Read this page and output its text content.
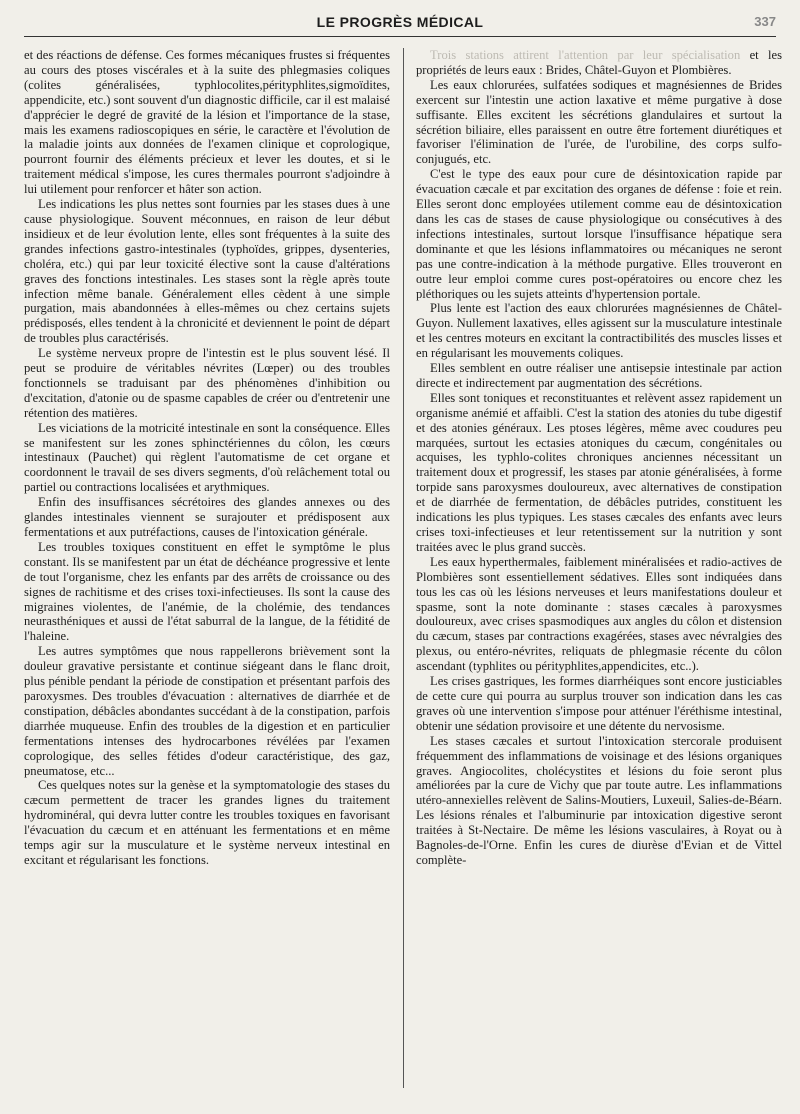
LE PROGRÈS MÉDICAL	337

et des réactions de défense. Ces formes mécaniques frustes si fréquentes au cours des ptoses viscérales et à la suite des phlegmasies coliques (colites généralisées, typhlocolites,pérityphlites,sigmoïdites, appendicite, etc.) sont souvent d'un diagnostic difficile, car il est malaisé d'apprécier le degré de gravité de la lésion et l'importance de la stase, mais les examens radioscopiques en série, le caractère et l'évolution de la maladie joints aux données de l'examen clinique et coprologique, pourront fournir des éléments précieux et lever les doutes, et si le traitement médical s'impose, les cures thermales pourront s'adjoindre à lui utilement pour renforcer et hâter son action.

Les indications les plus nettes sont fournies par les stases dues à une cause physiologique. Souvent méconnues, en raison de leur début insidieux et de leur évolution lente, elles sont fréquentes à la suite des grandes infections gastro-intestinales (typhoïdes, grippes, dysenteries, choléra, etc.) qui par leur toxicité élective sont la cause d'altérations graves des fonctions intestinales. Les stases sont la règle après toute infection même banale. Généralement elles cèdent à une simple purgation, mais abandonnées à elles-mêmes ou chez certains sujets prédisposés, elles tendent à la chronicité et deviennent le point de départ de troubles plus caractérisés.

Le système nerveux propre de l'intestin est le plus souvent lésé. Il peut se produire de véritables névrites (Lœper) ou des troubles fonctionnels se traduisant par des phénomènes d'inhibition ou d'excitation, d'atonie ou de spasme capables de créer ou d'entretenir une rétention des matières.

Les viciations de la motricité intestinale en sont la conséquence. Elles se manifestent sur les zones sphinctériennes du côlon, les cœurs intestinaux (Pauchet) qui règlent l'automatisme de cet organe et coordonnent le travail de ses divers segments, d'où relâchement total ou partiel ou contractions localisées et arythmiques.

Enfin des insuffisances sécrétoires des glandes annexes ou des glandes intestinales viennent se surajouter et prédisposent aux fermentations et aux putréfactions, causes de l'intoxication générale.

Les troubles toxiques constituent en effet le symptôme le plus constant. Ils se manifestent par un état de déchéance progressive et lente de tout l'organisme, chez les enfants par des arrêts de croissance ou des signes de rachitisme et des crises toxi-infectieuses. Ils sont la cause des migraines violentes, de l'anémie, de la cholémie, des tendances neurasthéniques et aussi de l'état saburral de la langue, de la fétidité de l'haleine.

Les autres symptômes que nous rappellerons brièvement sont la douleur gravative persistante et continue siégeant dans le flanc droit, plus pénible pendant la période de constipation et présentant parfois des paroxysmes. Des troubles d'évacuation : alternatives de diarrhée et de constipation, débâcles abondantes succédant à de la constipation, parfois diarrhée muqueuse. Enfin des troubles de la digestion et en particulier fermentations intenses des hydrocarbones révélées par l'examen coprologique, des selles fétides d'odeur caractéristique, des gaz, pneumatose, etc...

Ces quelques notes sur la genèse et la symptomatologie des stases du cæcum permettent de tracer les grandes lignes du traitement hydrominéral, qui devra lutter contre les troubles toxiques en favorisant l'évacuation du cæcum et en atténuant les fermentations et en même temps agir sur la musculature et le système nerveux intestinal en excitant et régularisant les fonctions.

Trois stations attirent l'attention par leur spécialisation et les propriétés de leurs eaux : Brides, Châtel-Guyon et Plombières.

Les eaux chlorurées, sulfatées sodiques et magnésiennes de Brides exercent sur l'intestin une action laxative et même purgative à dose suffisante. Elles excitent les sécrétions glandulaires et surtout la sécrétion biliaire, elles paraissent en outre être fortement diurétiques et favoriser l'élimination de l'urée, de l'urobiline, des corps sulfo-conjugués, etc.

C'est le type des eaux pour cure de désintoxication rapide par évacuation cæcale et par excitation des organes de défense : foie et rein. Elles seront donc employées utilement comme eau de désintoxication dans les cas de stases de cause physiologique ou consécutives à des infections intestinales, surtout lorsque l'insuffisance hépatique sera dominante et que les lésions inflammatoires ou mécaniques ne seront pas une contre-indication à la méthode purgative. Elles trouveront en outre leur emploi comme cures post-opératoires ou encore chez les pléthoriques ou les sujets atteints d'hypertension portale.

Plus lente est l'action des eaux chlorurées magnésiennes de Châtel-Guyon. Nullement laxatives, elles agissent sur la musculature intestinale et les centres moteurs en excitant la contractibilités des muscles lisses et en régularisant les mouvements coliques.

Elles semblent en outre réaliser une antisepsie intestinale par action directe et indirectement par augmentation des sécrétions.

Elles sont toniques et reconstituantes et relèvent assez rapidement un organisme anémié et affaibli. C'est la station des atonies du tube digestif et des atonies généraux. Les ptoses légères, même avec coudures peu marquées, surtout les ectasies atoniques du cæcum, congénitales ou acquises, les typhlo-colites chroniques anciennes nécessitant un traitement doux et progressif, les stases par atonie généralisées, à forme torpide sans paroxysmes douloureux, avec alternatives de constipation et de diarrhée de fermentation, de débâcles putrides, constituent les indications les plus typiques. Les stases cæcales des enfants avec leurs crises toxi-infectieuses et leur retentissement sur la nutrition y sont traitées avec le plus grand succès.

Les eaux hyperthermales, faiblement minéralisées et radio-actives de Plombières sont essentiellement sédatives. Elles sont indiquées dans tous les cas où les lésions nerveuses et leurs manifestations douleur et spasme, sont la note dominante : stases cæcales à paroxysmes douloureux, avec crises spasmodiques aux angles du côlon et distension du cæcum, stases par contractions exagérées, stases avec névralgies des plexus, ou entéro-névrites, reliquats de phlegmasie récente du côlon ascendant (typhlites ou pérityphlites,appendicites, etc..).

Les crises gastriques, les formes diarrhéiques sont encore justiciables de cette cure qui pourra au surplus trouver son indication dans les cas graves où une intervention s'impose pour atténuer l'éréthisme intestinal, obtenir une sédation provisoire et une détente du nervosisme.

Les stases cæcales et surtout l'intoxication stercorale produisent fréquemment des inflammations de voisinage et des lésions organiques graves. Angiocolites, cholécystites et lésions du foie seront plus améliorées par la cure de Vichy que par toute autre. Les inflammations utéro-annexielles relèvent de Salins-Moutiers, Luxeuil, Salies-de-Béarn. Les lésions rénales et l'albuminurie par intoxication digestive seront traitées à St-Nectaire. De même les lésions vasculaires, à Royat ou à Bagnoles-de-l'Orne. Enfin les cures de diurèse d'Evian et de Vittel complète-
